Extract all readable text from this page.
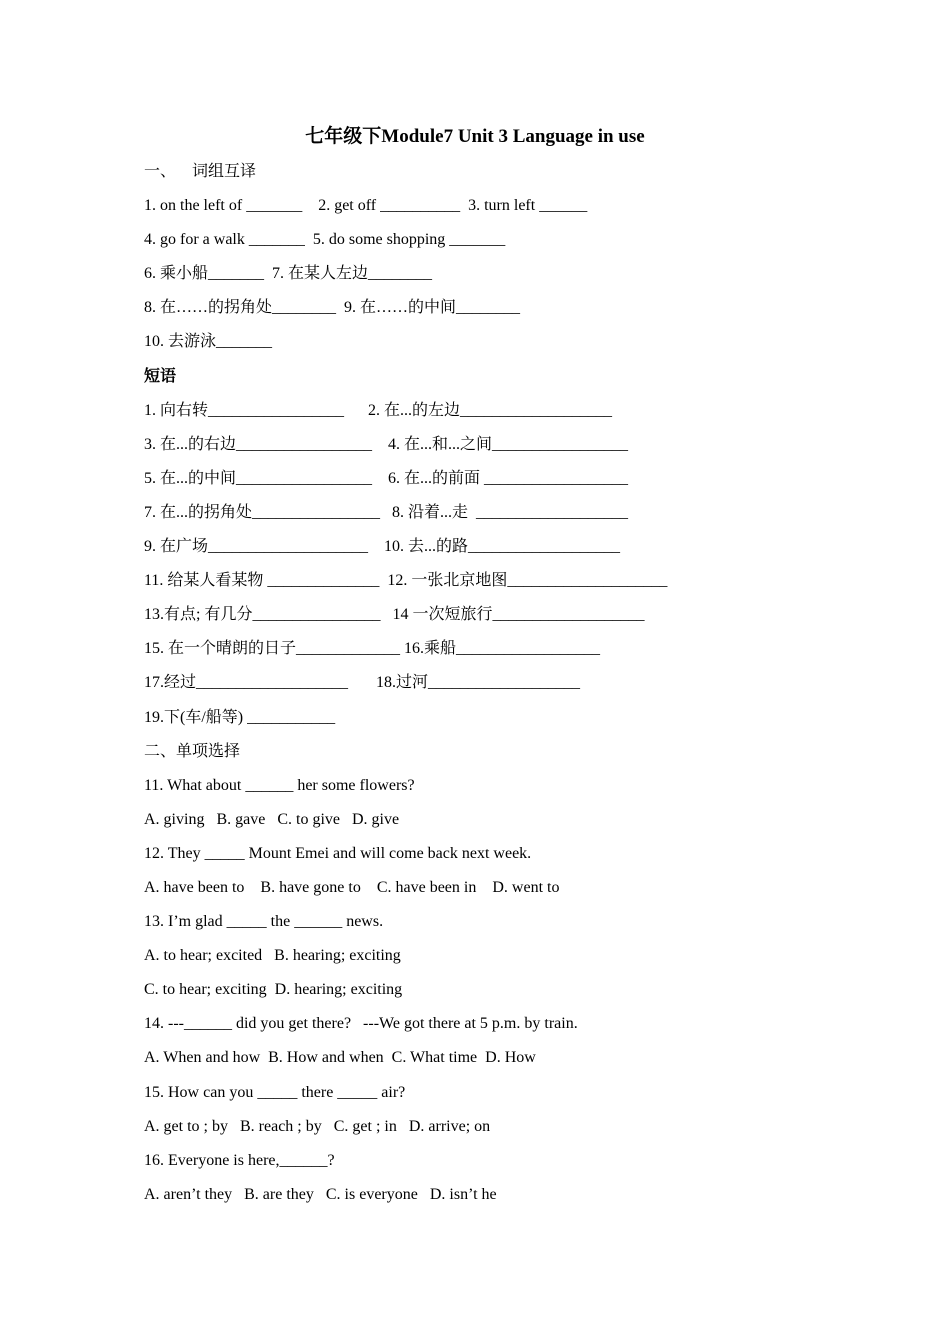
七年级下Module7 Unit 3 Language in use
一、    词组互译
1. on the left of _______    2. get off __________  3. turn left ______
4. go for a walk _______  5. do some shopping _______
6. 乘小船_______  7. 在某人左边________
8. 在……的拐角处________  9. 在……的中间________
10. 去游泳_______
短语
1. 向右转_________________      2. 在...的左边___________________
3. 在...的右边_________________    4. 在...和...之间_________________
5. 在...的中间_________________    6. 在...的前面 __________________
7. 在...的拐角处________________   8. 沿着...走  ___________________
9. 在广场____________________    10. 去...的路___________________
11. 给某人看某物 ______________  12. 一张北京地图____________________
13.有点; 有几分________________   14 一次短旅行___________________
15. 在一个晴朗的日子_____________ 16.乘船__________________
17.经过___________________       18.过河___________________
19.下(车/船等) ___________
二、单项选择
11. What about ______ her some flowers?
A. giving   B. gave   C. to give   D. give
12. They _____ Mount Emei and will come back next week.
A. have been to    B. have gone to    C. have been in    D. went to
13. I’m glad _____ the ______ news.
A. to hear; excited   B. hearing; exciting
C. to hear; exciting  D. hearing; exciting
14. ---______ did you get there?   ---We got there at 5 p.m. by train.
A. When and how  B. How and when  C. What time  D. How
15. How can you _____ there _____ air?
A. get to ; by   B. reach ; by   C. get ; in   D. arrive; on
16. Everyone is here,______?
A. aren’t they   B. are they   C. is everyone   D. isn’t he
